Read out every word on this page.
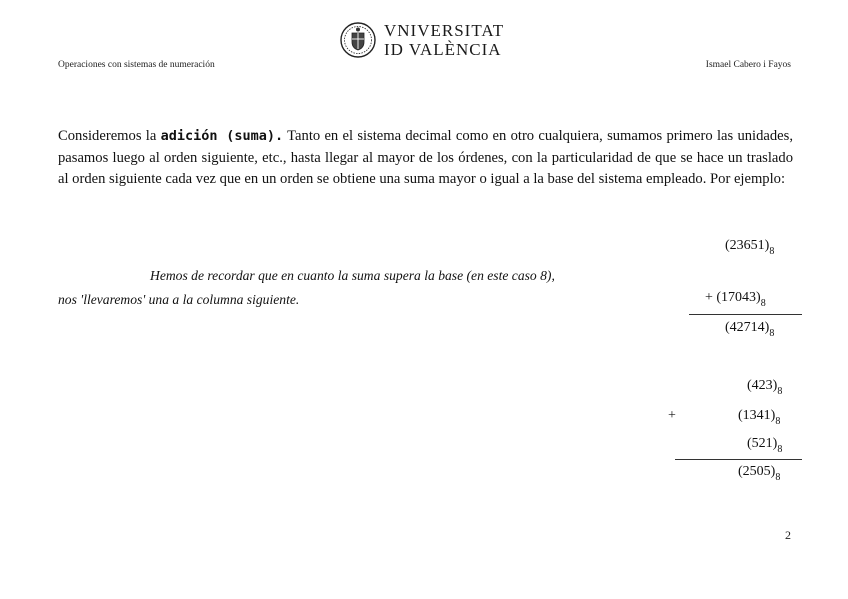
Operaciones con sistemas de numeración
VNIVERSITAT
ID VALÈNCIA
Ismael Cabero i Fayos
Consideremos la adición (suma). Tanto en el sistema decimal como en otro cualquiera, sumamos primero las unidades, pasamos luego al orden siguiente, etc., hasta llegar al mayor de los órdenes, con la particularidad de que se hace un traslado al orden siguiente cada vez que en un orden se obtiene una suma mayor o igual a la base del sistema empleado. Por ejemplo:
Hemos de recordar que en cuanto la suma supera la base (en este caso 8),
nos 'llevaremos' una a la columna siguiente.
$(23651)_8$
+ $(17043)_8$
$(42714)_8$
$(423)_8$
+	$(1341)_8$
$(521)_8$
$(2505)_8$
2
